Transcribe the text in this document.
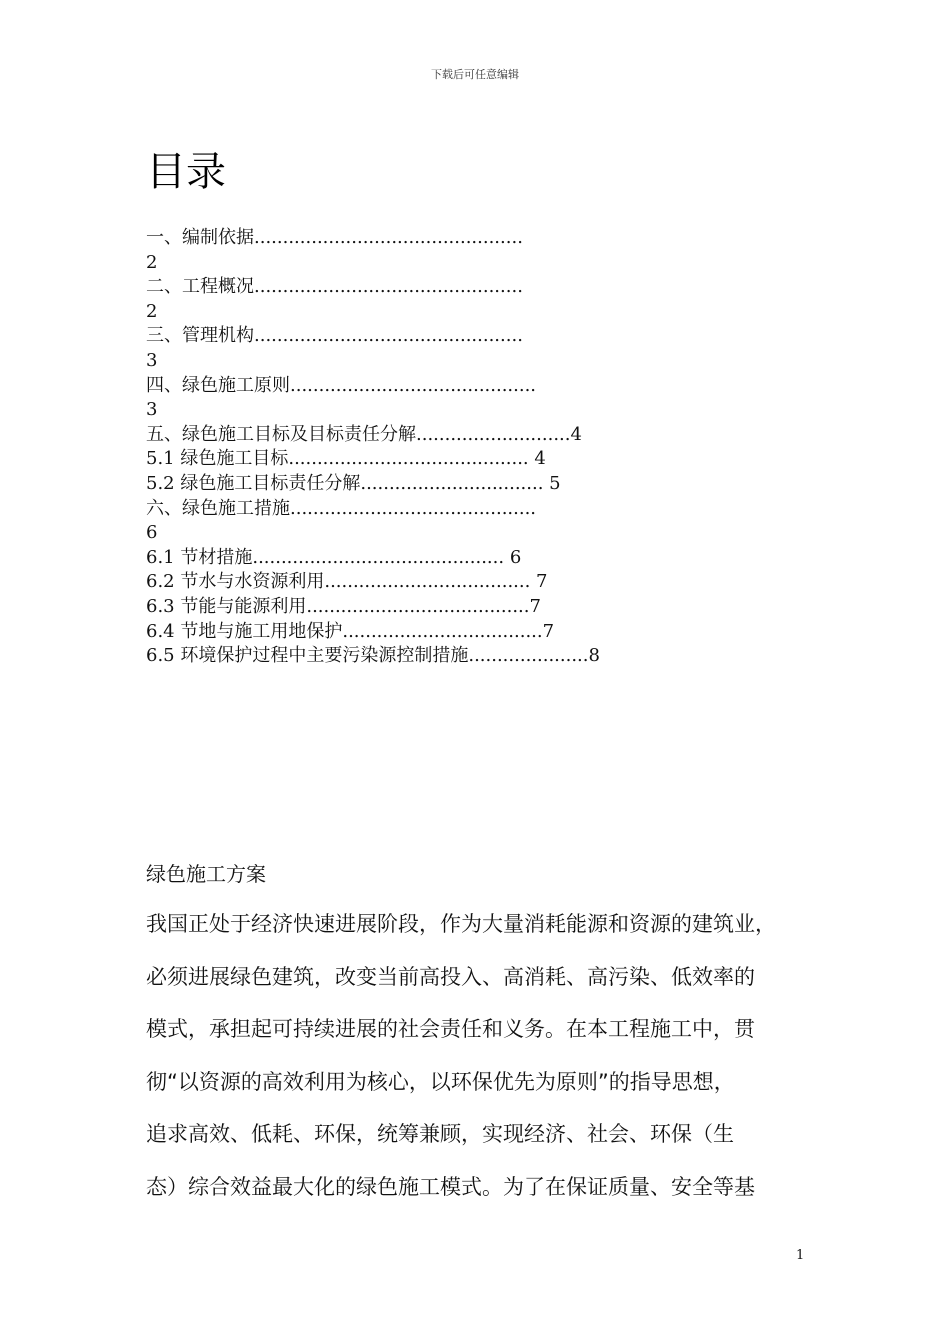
下载后可任意编辑
目录
一、编制依据...............................................
2
二、工程概况...............................................
2
三、管理机构...............................................
3
四、绿色施工原则...........................................
3
五、绿色施工目标及目标责任分解...........................4
5.1 绿色施工目标.......................................... 4
5.2 绿色施工目标责任分解................................ 5
六、绿色施工措施...........................................
6
6.1 节材措施............................................ 6
6.2 节水与水资源利用.................................... 7
6.3 节能与能源利用.......................................7
6.4 节地与施工用地保护...................................7
6.5 环境保护过程中主要污染源控制措施.....................8
绿色施工方案
我国正处于经济快速进展阶段，作为大量消耗能源和资源的建筑业，
必须进展绿色建筑，改变当前高投入、高消耗、高污染、低效率的
模式，承担起可持续进展的社会责任和义务。在本工程施工中，贯
彻“以资源的高效利用为核心，以环保优先为原则”的指导思想，
追求高效、低耗、环保，统筹兼顾，实现经济、社会、环保（生
态）综合效益最大化的绿色施工模式。为了在保证质量、安全等基
1
